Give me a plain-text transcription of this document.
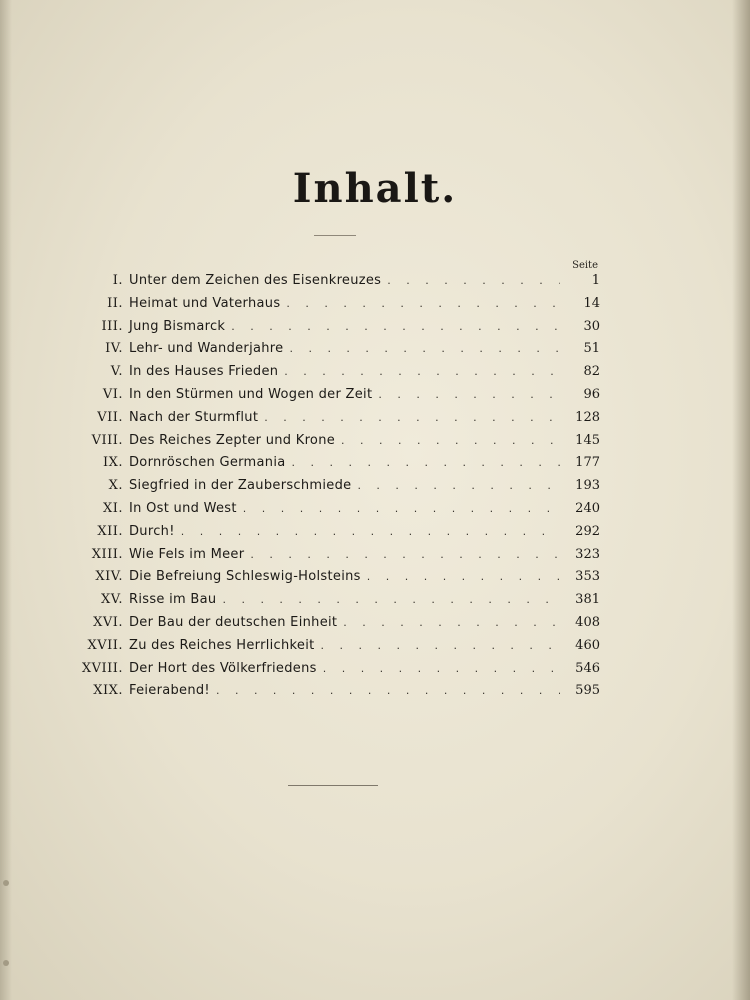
Inhalt.
Seite
I. Unter dem Zeichen des Eisenkreuzes . . .	1
II. Heimat und Vaterhaus . . .	14
III. Jung Bismarck . . .	30
IV. Lehr- und Wanderjahre . . .	51
V. In des Hauses Frieden . . .	82
VI. In den Stürmen und Wogen der Zeit . . .	96
VII. Nach der Sturmflut . . .	128
VIII. Des Reiches Zepter und Krone . . .	145
IX. Dornröschen Germania . . .	177
X. Siegfried in der Zauberschmiede . . .	193
XI. In Ost und West . . .	240
XII. Durch! . . .	292
XIII. Wie Fels im Meer . . .	323
XIV. Die Befreiung Schleswig-Holsteins . . .	353
XV. Risse im Bau . . .	381
XVI. Der Bau der deutschen Einheit . . .	408
XVII. Zu des Reiches Herrlichkeit . . .	460
XVIII. Der Hort des Völkerfriedens . . .	546
XIX. Feierabend! . . .	595
